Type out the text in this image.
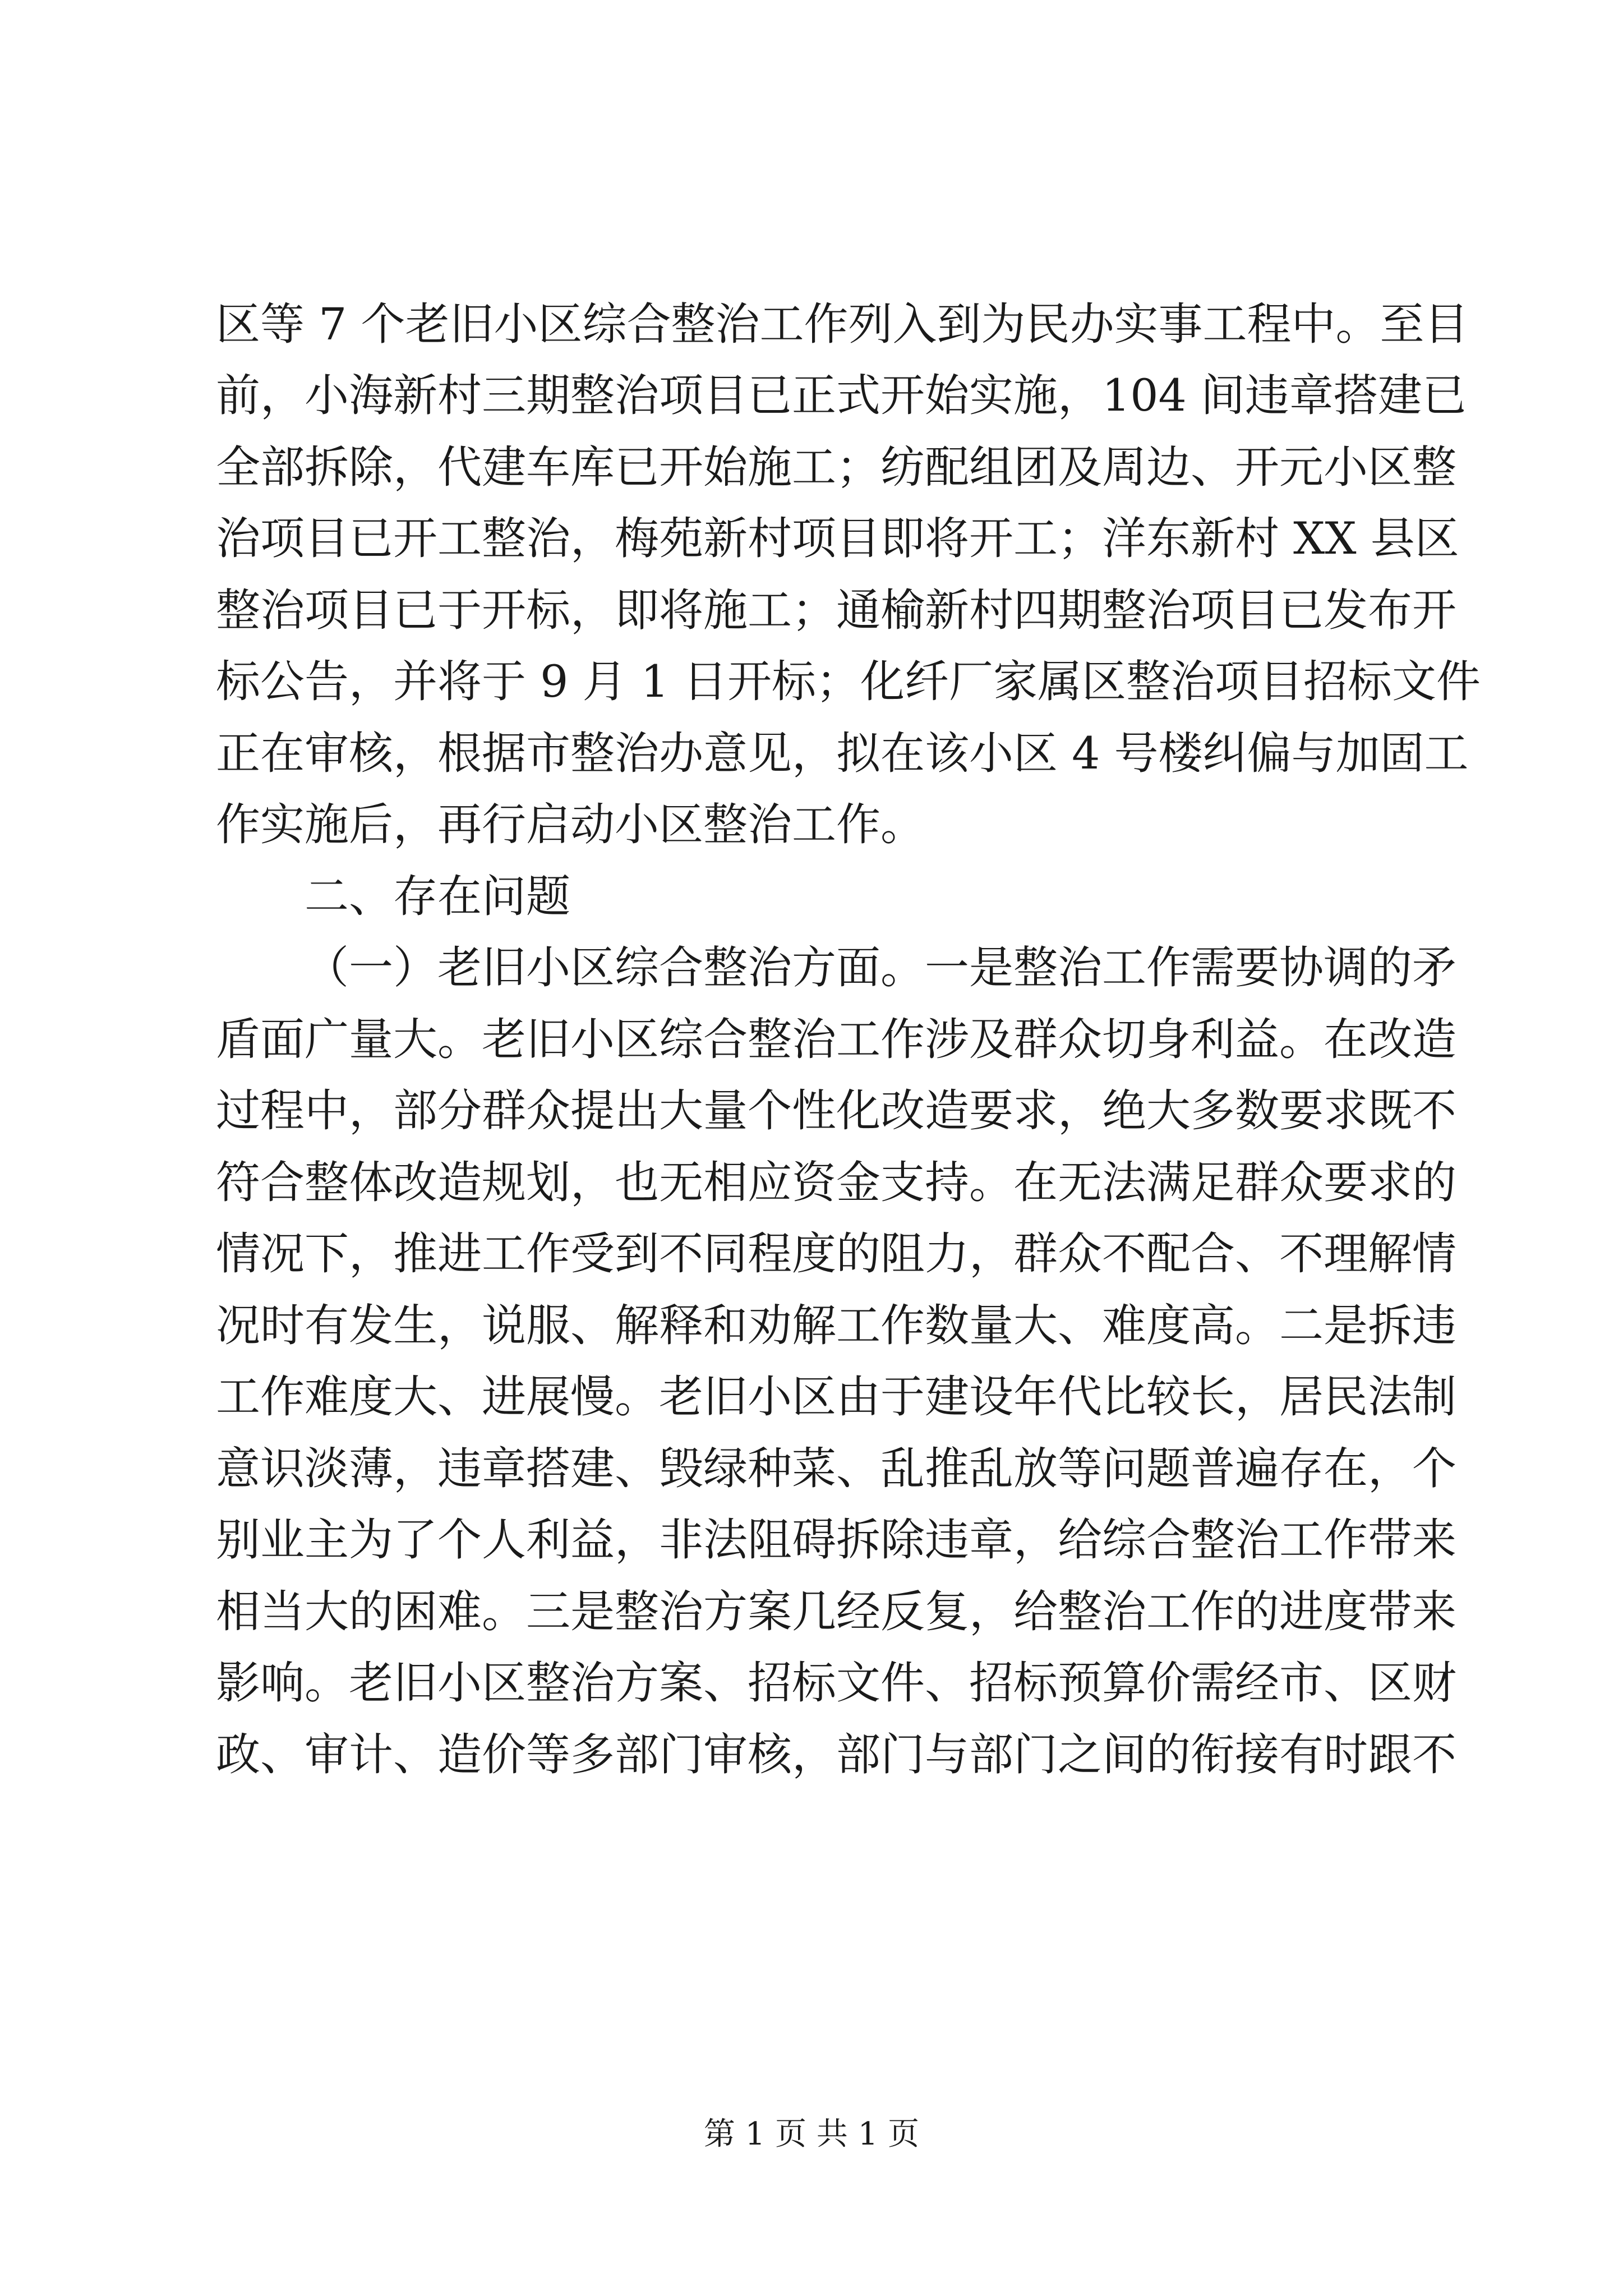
区等 7 个老旧小区综合整治工作列入到为民办实事工程中。至目
前，小海新村三期整治项目已正式开始实施，104 间违章搭建已
全部拆除，代建车库已开始施工；纺配组团及周边、开元小区整
治项目已开工整治，梅苑新村项目即将开工；洋东新村 XX 县区
整治项目已于开标，即将施工；通榆新村四期整治项目已发布开
标公告，并将于 9 月 1 日开标；化纤厂家属区整治项目招标文件
正在审核，根据市整治办意见，拟在该小区 4 号楼纠偏与加固工
作实施后，再行启动小区整治工作。
二、存在问题
（一）老旧小区综合整治方面。一是整治工作需要协调的矛
盾面广量大。老旧小区综合整治工作涉及群众切身利益。在改造
过程中，部分群众提出大量个性化改造要求，绝大多数要求既不
符合整体改造规划，也无相应资金支持。在无法满足群众要求的
情况下，推进工作受到不同程度的阻力，群众不配合、不理解情
况时有发生，说服、解释和劝解工作数量大、难度高。二是拆违
工作难度大、进展慢。老旧小区由于建设年代比较长，居民法制
意识淡薄，违章搭建、毁绿种菜、乱推乱放等问题普遍存在，个
别业主为了个人利益，非法阻碍拆除违章，给综合整治工作带来
相当大的困难。三是整治方案几经反复，给整治工作的进度带来
影响。老旧小区整治方案、招标文件、招标预算价需经市、区财
政、审计、造价等多部门审核，部门与部门之间的衔接有时跟不
第 1 页 共 1 页
